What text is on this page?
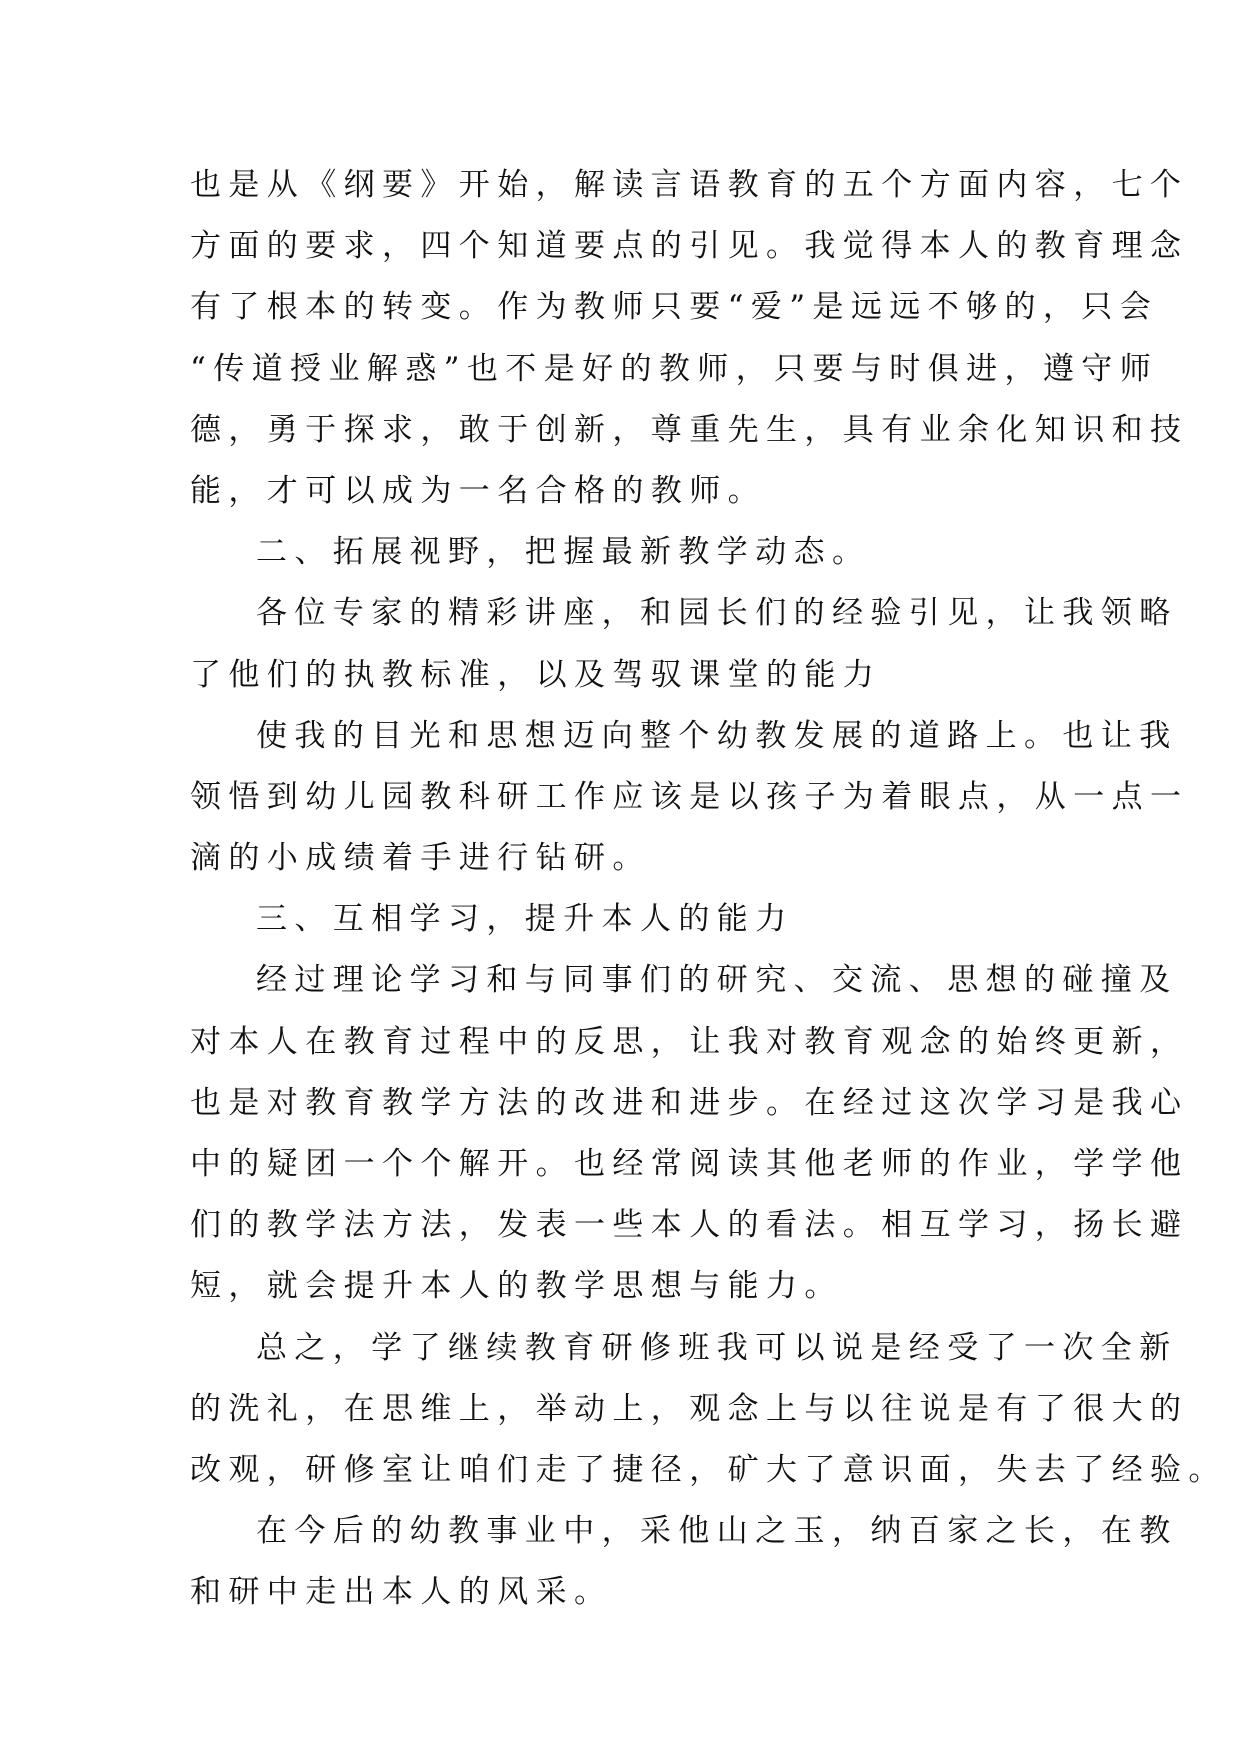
也是从《纲要》开始，解读言语教育的五个方面内容，七个
方面的要求，四个知道要点的引见。我觉得本人的教育理念
有了根本的转变。作为教师只要“爱”是远远不够的，只会
“传道授业解惑”也不是好的教师，只要与时俱进，遵守师
德，勇于探求，敢于创新，尊重先生，具有业余化知识和技
能，才可以成为一名合格的教师。
二、拓展视野，把握最新教学动态。
各位专家的精彩讲座，和园长们的经验引见，让我领略
了他们的执教标准，以及驾驭课堂的能力
使我的目光和思想迈向整个幼教发展的道路上。也让我
领悟到幼儿园教科研工作应该是以孩子为着眼点，从一点一
滴的小成绩着手进行钻研。
三、互相学习，提升本人的能力
经过理论学习和与同事们的研究、交流、思想的碰撞及
对本人在教育过程中的反思，让我对教育观念的始终更新，
也是对教育教学方法的改进和进步。在经过这次学习是我心
中的疑团一个个解开。也经常阅读其他老师的作业，学学他
们的教学法方法，发表一些本人的看法。相互学习，扬长避
短，就会提升本人的教学思想与能力。
总之，学了继续教育研修班我可以说是经受了一次全新
的洗礼，在思维上，举动上，观念上与以往说是有了很大的
改观，研修室让咱们走了捷径，矿大了意识面，失去了经验。
在今后的幼教事业中，采他山之玉，纳百家之长，在教
和研中走出本人的风采。
